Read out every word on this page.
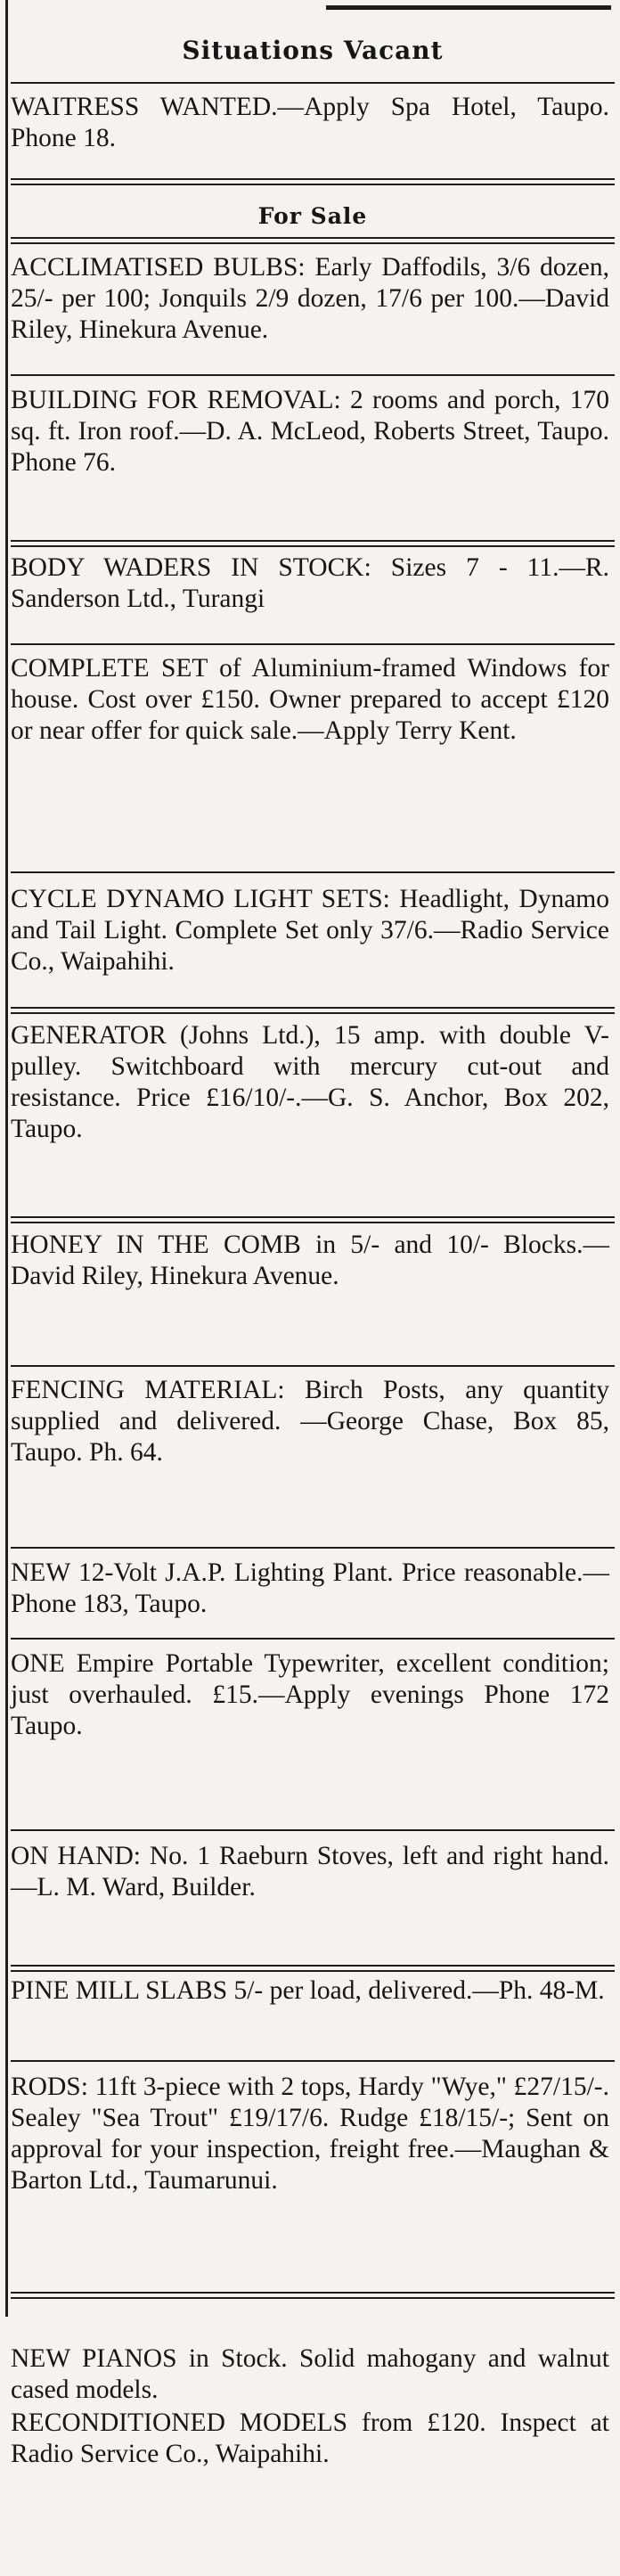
Situations Vacant

WAITRESS WANTED.—Apply Spa Hotel, Taupo. Phone 18.

For Sale

ACCLIMATISED BULBS: Early Daffodils, 3/6 dozen, 25/- per 100; Jonquils 2/9 dozen, 17/6 per 100.—David Riley, Hinekura Avenue.

BUILDING FOR REMOVAL: 2 rooms and porch, 170 sq. ft. Iron roof.—D. A. McLeod, Roberts Street, Taupo. Phone 76.

BODY WADERS IN STOCK: Sizes 7 - 11.—R. Sanderson Ltd., Turangi

COMPLETE SET of Aluminium-framed Windows for house. Cost over £150. Owner prepared to accept £120 or near offer for quick sale.—Apply Terry Kent.

CYCLE DYNAMO LIGHT SETS: Headlight, Dynamo and Tail Light. Complete Set only 37/6.—Radio Service Co., Waipahihi.

GENERATOR (Johns Ltd.), 15 amp. with double V-pulley. Switchboard with mercury cut-out and resistance. Price £16/10/-.—G. S. Anchor, Box 202, Taupo.

HONEY IN THE COMB in 5/- and 10/- Blocks.—David Riley, Hinekura Avenue.

FENCING MATERIAL: Birch Posts, any quantity supplied and delivered. —George Chase, Box 85, Taupo. Ph. 64.

NEW 12-Volt J.A.P. Lighting Plant. Price reasonable.—Phone 183, Taupo.

ONE Empire Portable Typewriter, excellent condition; just overhauled. £15.—Apply evenings Phone 172 Taupo.

ON HAND: No. 1 Raeburn Stoves, left and right hand.—L. M. Ward, Builder.

PINE MILL SLABS 5/- per load, delivered.—Ph. 48-M.

RODS: 11ft 3-piece with 2 tops, Hardy "Wye," £27/15/-. Sealey "Sea Trout" £19/17/6. Rudge £18/15/-; Sent on approval for your inspection, freight free.—Maughan & Barton Ltd., Taumarunui.

NEW PIANOS in Stock. Solid mahogany and walnut cased models.

RECONDITIONED MODELS from £120. Inspect at Radio Service Co., Waipahihi.
